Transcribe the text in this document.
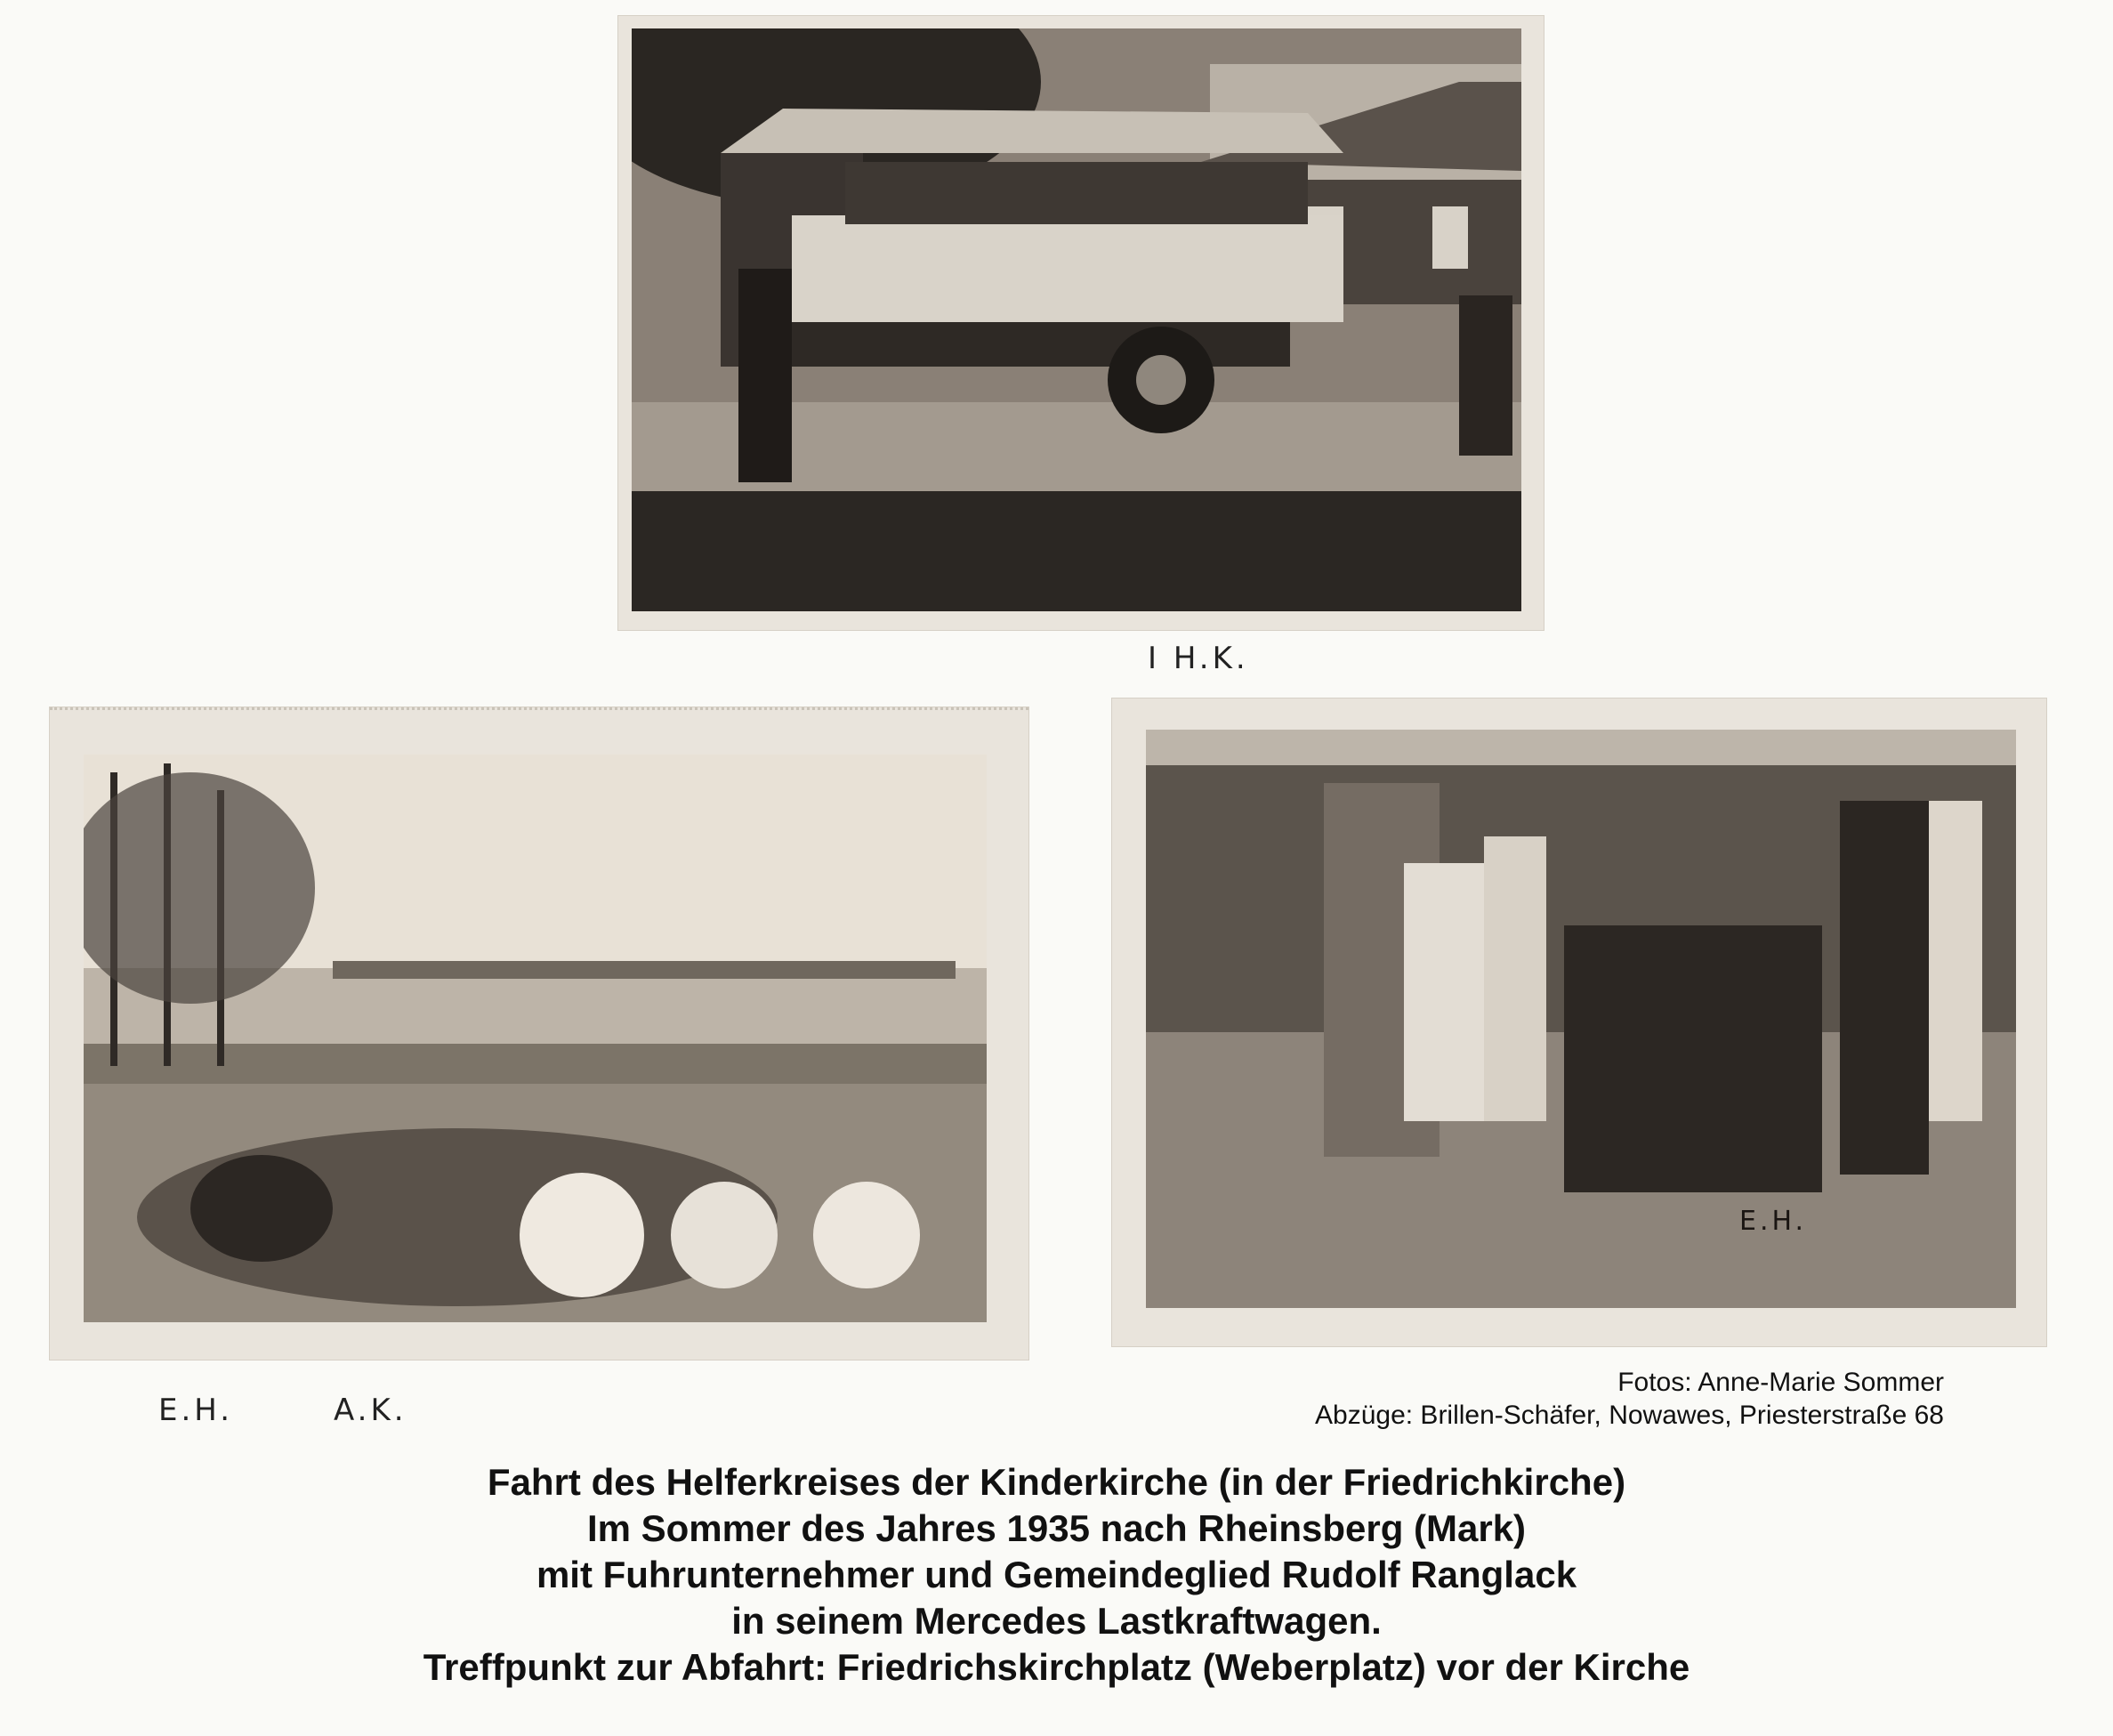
I H.K.
E.H.	A.K.
E.H.
Fotos: Anne-Marie Sommer
Abzüge: Brillen-Schäfer, Nowawes, Priesterstraße 68
Fahrt des Helferkreises der Kinderkirche (in der Friedrichkirche)
Im Sommer des Jahres 1935 nach Rheinsberg (Mark)
mit Fuhrunternehmer und Gemeindeglied Rudolf Ranglack
in seinem Mercedes Lastkraftwagen.
Treffpunkt zur Abfahrt: Friedrichskirchplatz (Weberplatz) vor der Kirche
